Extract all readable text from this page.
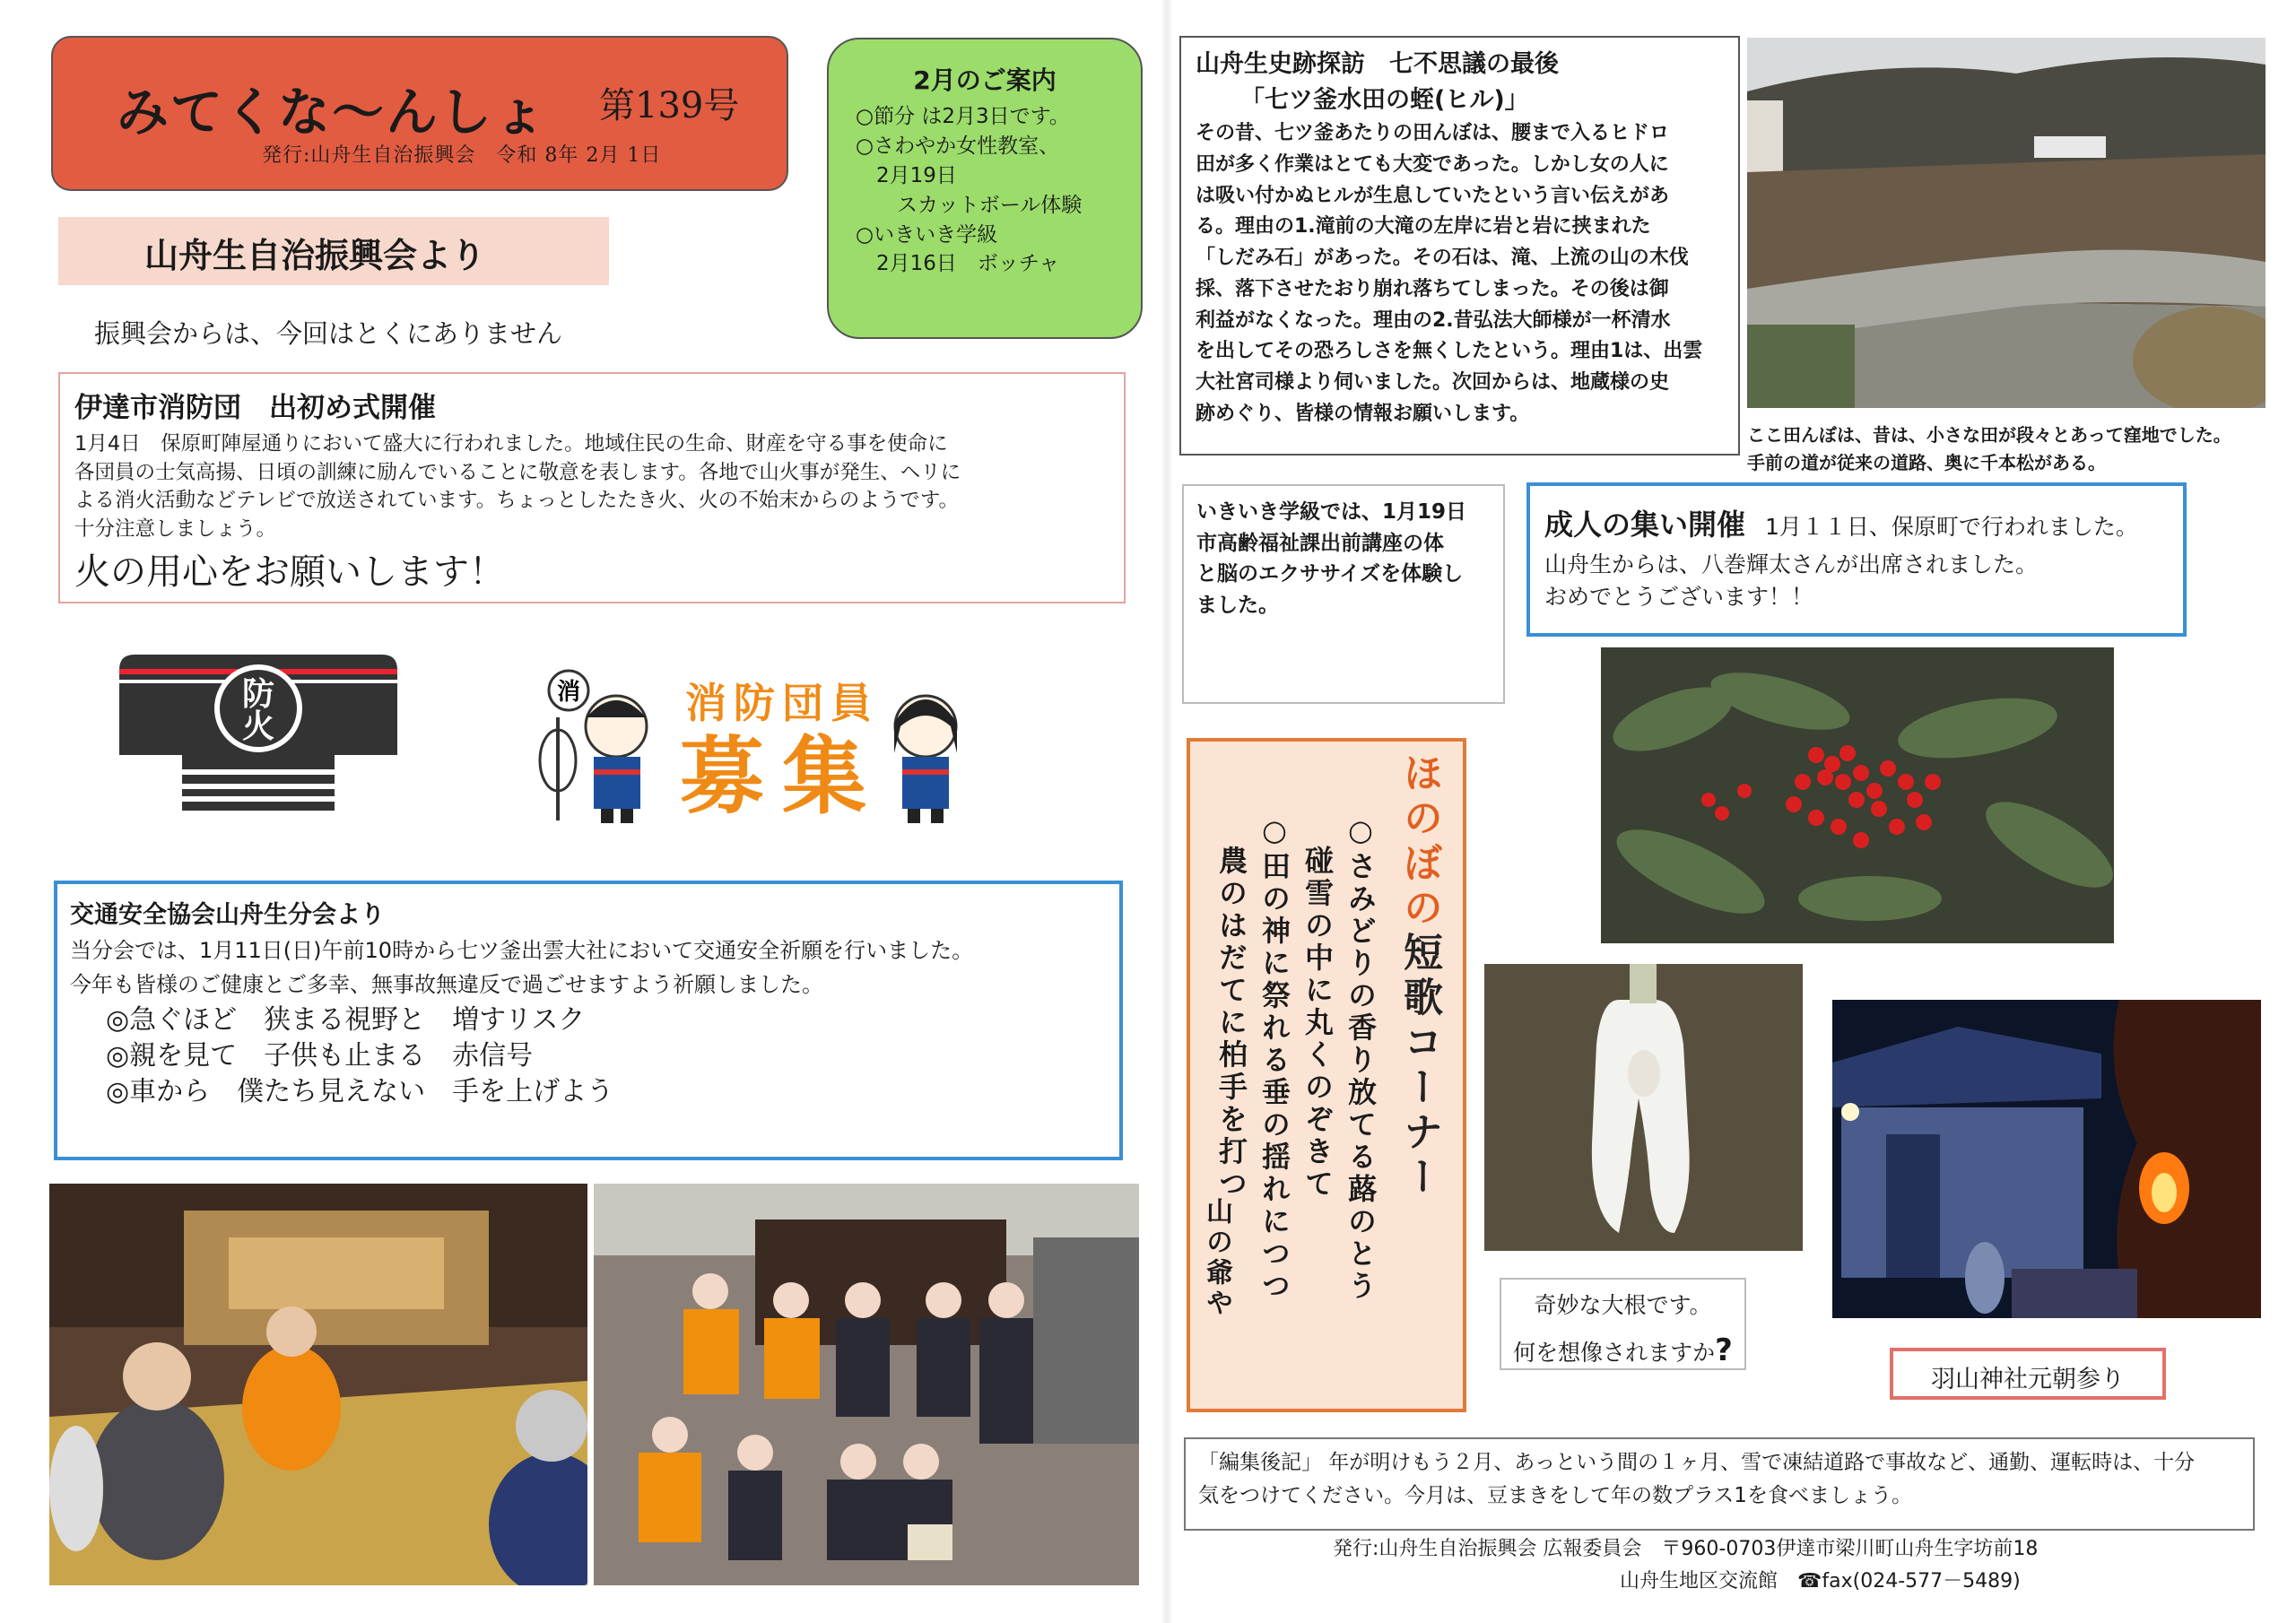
みてくな〜んしょ 第139号
発行:山舟生自治振興会　令和 8年 2月 1日
2月のご案内
○節分 は2月3日です。
○さわやか女性教室、
　2月19日
　　スカットボール体験
○いきいき学級
　2月16日　ボッチャ
山舟生自治振興会より
振興会からは、今回はとくにありません
伊達市消防団　出初め式開催

1月4日　保原町陣屋通りにおいて盛大に行われました。地域住民の生命、財産を守る事を使命に

各団員の士気高揚、日頃の訓練に励んでいることに敬意を表します。各地で山火事が発生、ヘリに

よる消火活動などテレビで放送されています。ちょっとしたたき火、火の不始末からのようです。

十分注意しましょう。

火の用心をお願いします！

防
火
消	消防団員
募集
交通安全協会山舟生分会より

当分会では、1月11日(日)午前10時から七ツ釜出雲大社において交通安全祈願を行いました。

今年も皆様のご健康とご多幸、無事故無違反で過ごせますよう祈願しました。

◎急ぐほど　狭まる視野と　増すリスク

◎親を見て　子供も止まる　赤信号

◎車から　僕たち見えない　手を上げよう

山舟生史跡探訪　七不思議の最後
「七ツ釜水田の蛭(ヒル)」

その昔、七ツ釜あたりの田んぼは、腰まで入るヒドロ

田が多く作業はとても大変であった。しかし女の人に

は吸い付かぬヒルが生息していたという言い伝えがあ

る。理由の1.滝前の大滝の左岸に岩と岩に挟まれた

「しだみ石」があった。その石は、滝、上流の山の木伐

採、落下させたおり崩れ落ちてしまった。その後は御

利益がなくなった。理由の2.昔弘法大師様が一杯清水

を出してその恐ろしさを無くしたという。理由1は、出雲

大社宮司様より伺いました。次回からは、地蔵様の史

跡めぐり、皆様の情報お願いします。

ここ田んぼは、昔は、小さな田が段々とあって窪地でした。
手前の道が従来の道路、奥に千本松がある。
いきいき学級では、1月19日
市高齢福祉課出前講座の体
と脳のエクササイズを体験し
ました。
成人の集い開催 1月１１日、保原町で行われました。

山舟生からは、八巻輝太さんが出席されました。

おめでとうございます！！

ほのぼの短歌コーナー
○さみどりの香り放てる蕗のとう
　碰雪の中に丸くのぞきて
○田の神に祭れる垂の揺れにつつ
　農のはだてに柏手を打つ
山の爺や	奇妙な大根です。
何を想像されますか?
羽山神社元朝参り
「編集後記」 年が明けもう２月、あっという間の１ヶ月、雪で凍結道路で事故など、通勤、運転時は、十分
気をつけてください。今月は、豆まきをして年の数プラス1を食べましょう。
発行:山舟生自治振興会 広報委員会　〒960-0703伊達市梁川町山舟生字坊前18
山舟生地区交流館　☎fax(024-577－5489)
